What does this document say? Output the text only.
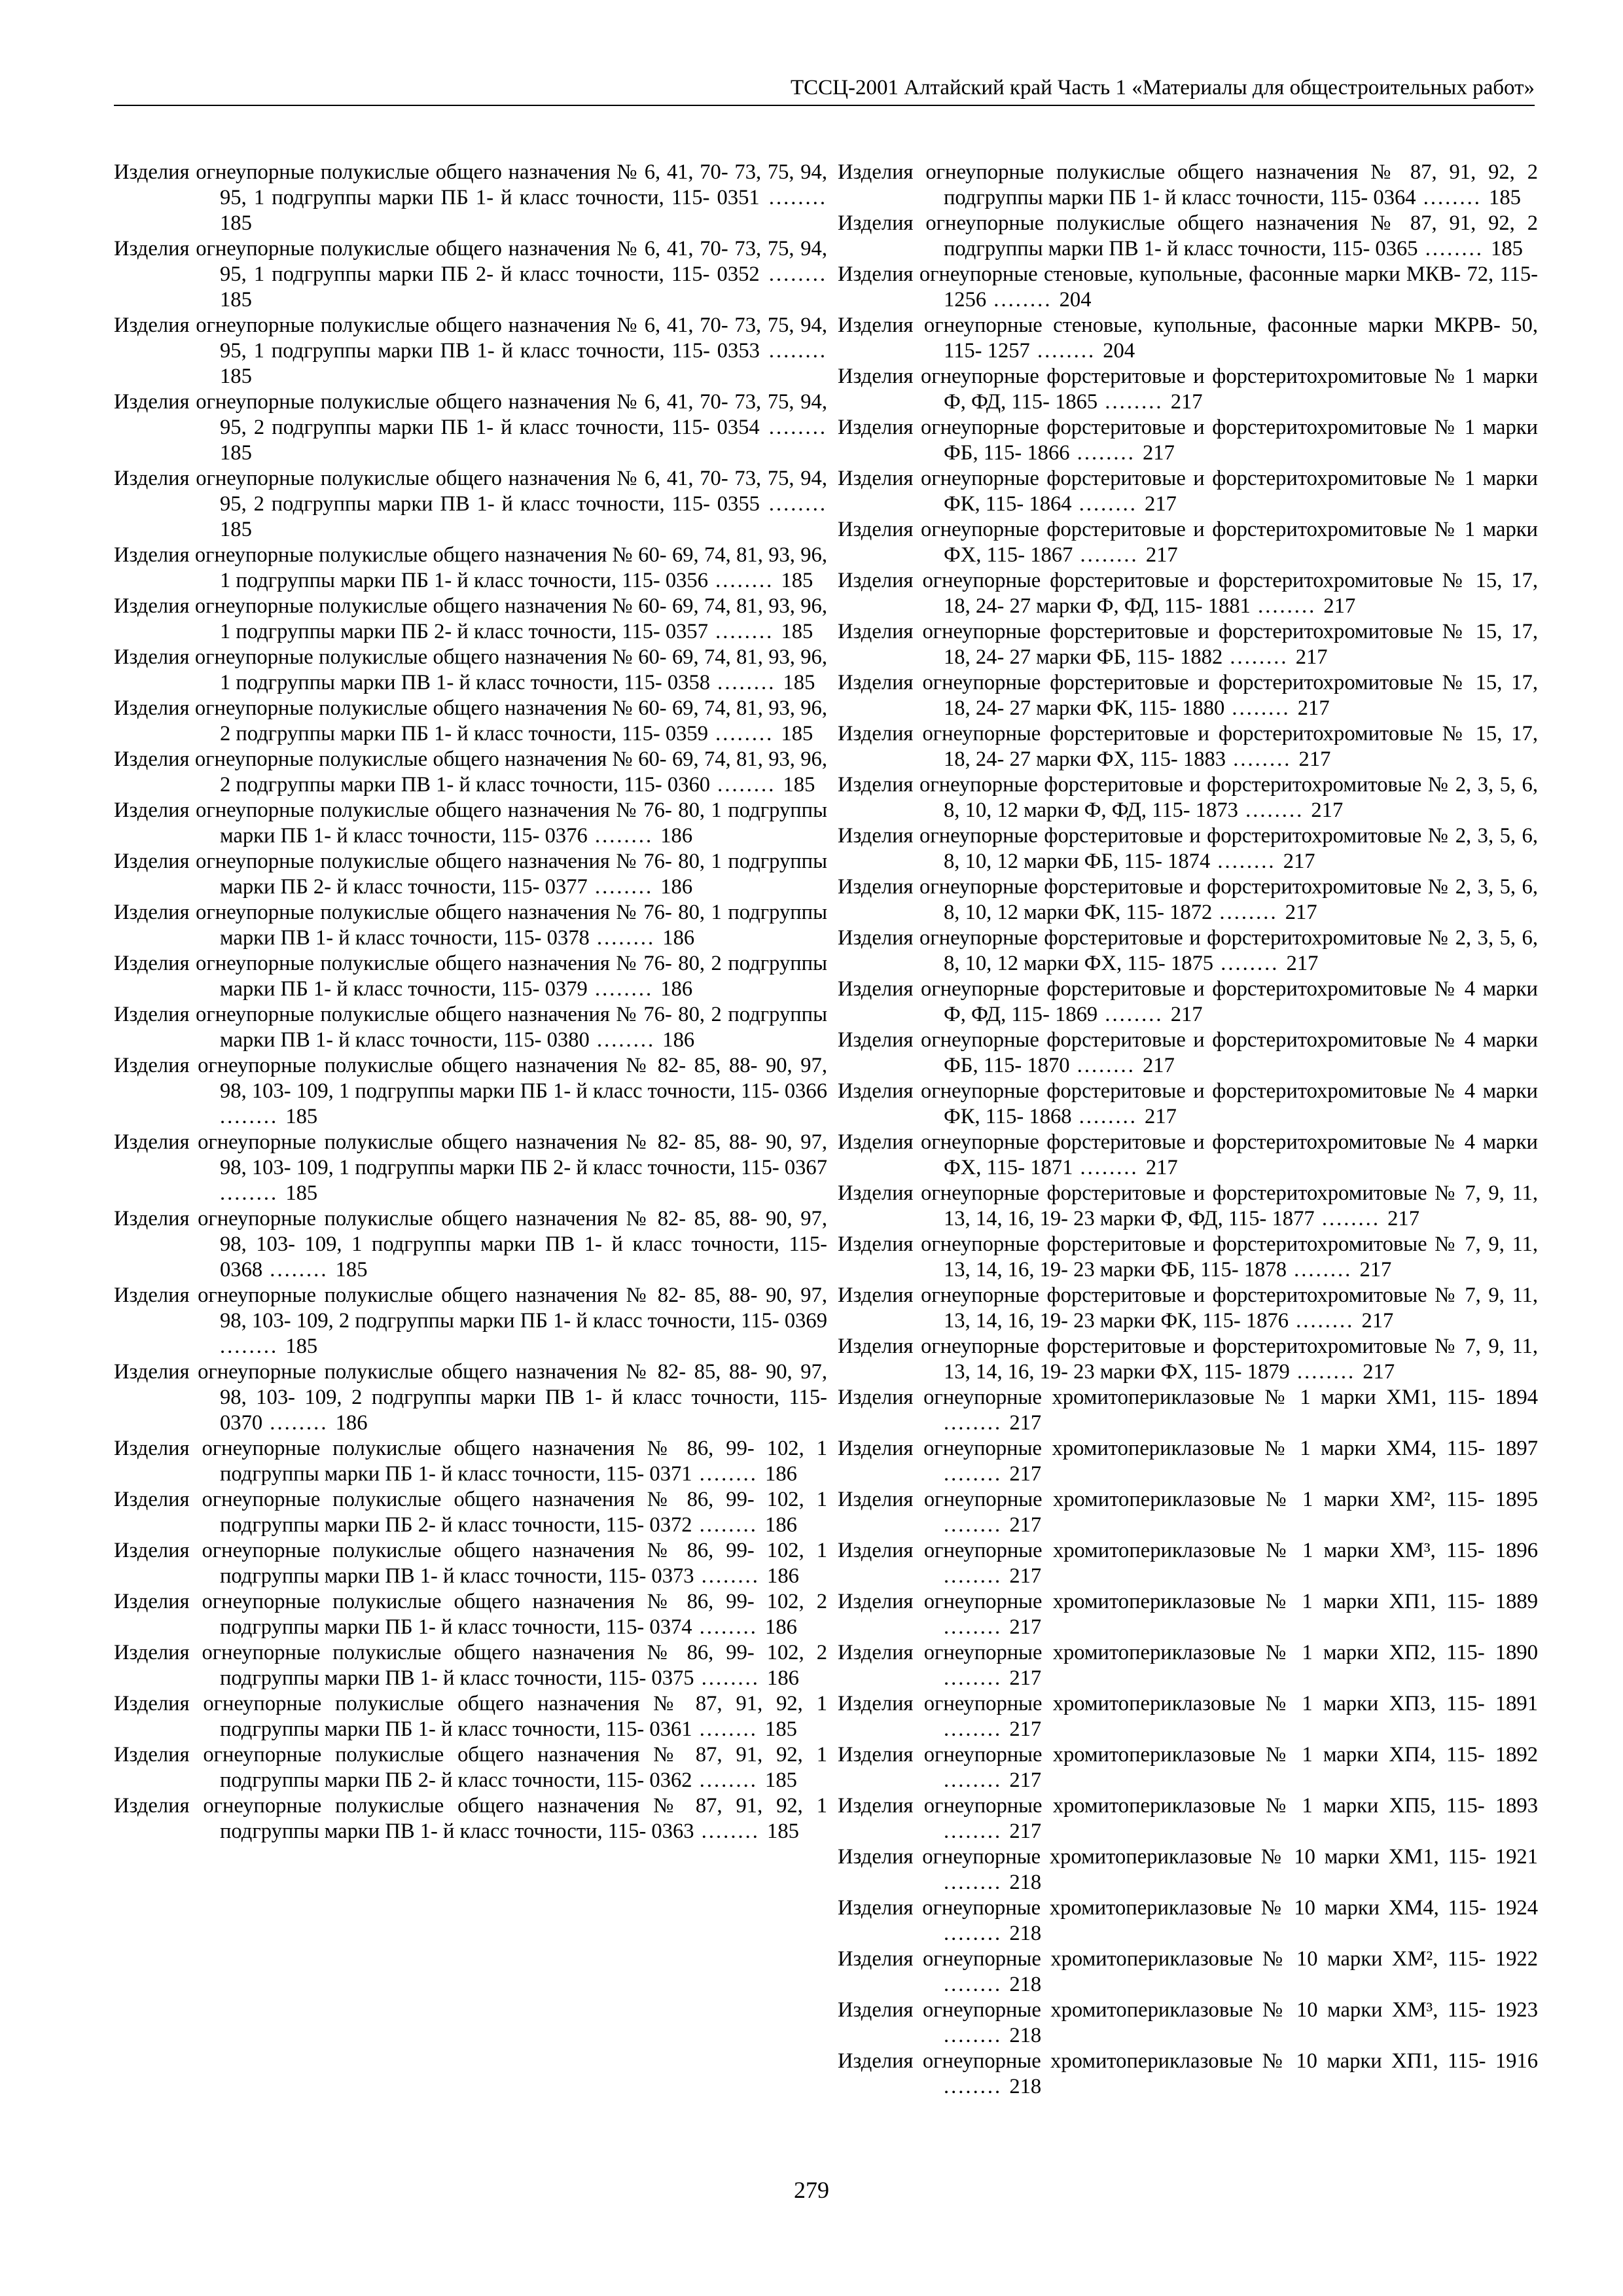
ТССЦ-2001 Алтайский край Часть 1 «Материалы для общестроительных работ»

Изделия огнеупорные полукислые общего назначения № 6, 41, 70- 73, 75, 94, 95, 1 подгруппы марки ПБ 1- й класс точности, 115- 0351 ........ 185

Изделия огнеупорные полукислые общего назначения № 6, 41, 70- 73, 75, 94, 95, 1 подгруппы марки ПБ 2- й класс точности, 115- 0352 ........ 185

Изделия огнеупорные полукислые общего назначения № 6, 41, 70- 73, 75, 94, 95, 1 подгруппы марки ПВ 1- й класс точности, 115- 0353 ........ 185

Изделия огнеупорные полукислые общего назначения № 6, 41, 70- 73, 75, 94, 95, 2 подгруппы марки ПБ 1- й класс точности, 115- 0354 ........ 185

Изделия огнеупорные полукислые общего назначения № 6, 41, 70- 73, 75, 94, 95, 2 подгруппы марки ПВ 1- й класс точности, 115- 0355 ........ 185

Изделия огнеупорные полукислые общего назначения № 60- 69, 74, 81, 93, 96, 1 подгруппы марки ПБ 1- й класс точности, 115- 0356 ........ 185

Изделия огнеупорные полукислые общего назначения № 60- 69, 74, 81, 93, 96, 1 подгруппы марки ПБ 2- й класс точности, 115- 0357 ........ 185

Изделия огнеупорные полукислые общего назначения № 60- 69, 74, 81, 93, 96, 1 подгруппы марки ПВ 1- й класс точности, 115- 0358 ........ 185

Изделия огнеупорные полукислые общего назначения № 60- 69, 74, 81, 93, 96, 2 подгруппы марки ПБ 1- й класс точности, 115- 0359 ........ 185

Изделия огнеупорные полукислые общего назначения № 60- 69, 74, 81, 93, 96, 2 подгруппы марки ПВ 1- й класс точности, 115- 0360 ........ 185

Изделия огнеупорные полукислые общего назначения № 76- 80, 1 подгруппы марки ПБ 1- й класс точности, 115- 0376 ........ 186

Изделия огнеупорные полукислые общего назначения № 76- 80, 1 подгруппы марки ПБ 2- й класс точности, 115- 0377 ........ 186

Изделия огнеупорные полукислые общего назначения № 76- 80, 1 подгруппы марки ПВ 1- й класс точности, 115- 0378 ........ 186

Изделия огнеупорные полукислые общего назначения № 76- 80, 2 подгруппы марки ПБ 1- й класс точности, 115- 0379 ........ 186

Изделия огнеупорные полукислые общего назначения № 76- 80, 2 подгруппы марки ПВ 1- й класс точности, 115- 0380 ........ 186

Изделия огнеупорные полукислые общего назначения № 82- 85, 88- 90, 97, 98, 103- 109, 1 подгруппы марки ПБ 1- й класс точности, 115- 0366 ........ 185

Изделия огнеупорные полукислые общего назначения № 82- 85, 88- 90, 97, 98, 103- 109, 1 подгруппы марки ПБ 2- й класс точности, 115- 0367 ........ 185

Изделия огнеупорные полукислые общего назначения № 82- 85, 88- 90, 97, 98, 103- 109, 1 подгруппы марки ПВ 1- й класс точности, 115- 0368 ........ 185

Изделия огнеупорные полукислые общего назначения № 82- 85, 88- 90, 97, 98, 103- 109, 2 подгруппы марки ПБ 1- й класс точности, 115- 0369 ........ 185

Изделия огнеупорные полукислые общего назначения № 82- 85, 88- 90, 97, 98, 103- 109, 2 подгруппы марки ПВ 1- й класс точности, 115- 0370 ........ 186

Изделия огнеупорные полукислые общего назначения № 86, 99- 102, 1 подгруппы марки ПБ 1- й класс точности, 115- 0371 ........ 186

Изделия огнеупорные полукислые общего назначения № 86, 99- 102, 1 подгруппы марки ПБ 2- й класс точности, 115- 0372 ........ 186

Изделия огнеупорные полукислые общего назначения № 86, 99- 102, 1 подгруппы марки ПВ 1- й класс точности, 115- 0373 ........ 186

Изделия огнеупорные полукислые общего назначения № 86, 99- 102, 2 подгруппы марки ПБ 1- й класс точности, 115- 0374 ........ 186

Изделия огнеупорные полукислые общего назначения № 86, 99- 102, 2 подгруппы марки ПВ 1- й класс точности, 115- 0375 ........ 186

Изделия огнеупорные полукислые общего назначения № 87, 91, 92, 1 подгруппы марки ПБ 1- й класс точности, 115- 0361 ........ 185

Изделия огнеупорные полукислые общего назначения № 87, 91, 92, 1 подгруппы марки ПБ 2- й класс точности, 115- 0362 ........ 185

Изделия огнеупорные полукислые общего назначения № 87, 91, 92, 1 подгруппы марки ПВ 1- й класс точности, 115- 0363 ........ 185

Изделия огнеупорные полукислые общего назначения № 87, 91, 92, 2 подгруппы марки ПБ 1- й класс точности, 115- 0364 ........ 185

Изделия огнеупорные полукислые общего назначения № 87, 91, 92, 2 подгруппы марки ПВ 1- й класс точности, 115- 0365 ........ 185

Изделия огнеупорные стеновые, купольные, фасонные марки МКВ- 72, 115- 1256 ........ 204

Изделия огнеупорные стеновые, купольные, фасонные марки МКРВ- 50, 115- 1257 ........ 204

Изделия огнеупорные форстеритовые и форстеритохромитовые № 1 марки Ф, ФД, 115- 1865 ........ 217

Изделия огнеупорные форстеритовые и форстеритохромитовые № 1 марки ФБ, 115- 1866 ........ 217

Изделия огнеупорные форстеритовые и форстеритохромитовые № 1 марки ФК, 115- 1864 ........ 217

Изделия огнеупорные форстеритовые и форстеритохромитовые № 1 марки ФХ, 115- 1867 ........ 217

Изделия огнеупорные форстеритовые и форстеритохромитовые № 15, 17, 18, 24- 27 марки Ф, ФД, 115- 1881 ........ 217

Изделия огнеупорные форстеритовые и форстеритохромитовые № 15, 17, 18, 24- 27 марки ФБ, 115- 1882 ........ 217

Изделия огнеупорные форстеритовые и форстеритохромитовые № 15, 17, 18, 24- 27 марки ФК, 115- 1880 ........ 217

Изделия огнеупорные форстеритовые и форстеритохромитовые № 15, 17, 18, 24- 27 марки ФХ, 115- 1883 ........ 217

Изделия огнеупорные форстеритовые и форстеритохромитовые № 2, 3, 5, 6, 8, 10, 12 марки Ф, ФД, 115- 1873 ........ 217

Изделия огнеупорные форстеритовые и форстеритохромитовые № 2, 3, 5, 6, 8, 10, 12 марки ФБ, 115- 1874 ........ 217

Изделия огнеупорные форстеритовые и форстеритохромитовые № 2, 3, 5, 6, 8, 10, 12 марки ФК, 115- 1872 ........ 217

Изделия огнеупорные форстеритовые и форстеритохромитовые № 2, 3, 5, 6, 8, 10, 12 марки ФХ, 115- 1875 ........ 217

Изделия огнеупорные форстеритовые и форстеритохромитовые № 4 марки Ф, ФД, 115- 1869 ........ 217

Изделия огнеупорные форстеритовые и форстеритохромитовые № 4 марки ФБ, 115- 1870 ........ 217

Изделия огнеупорные форстеритовые и форстеритохромитовые № 4 марки ФК, 115- 1868 ........ 217

Изделия огнеупорные форстеритовые и форстеритохромитовые № 4 марки ФХ, 115- 1871 ........ 217

Изделия огнеупорные форстеритовые и форстеритохромитовые № 7, 9, 11, 13, 14, 16, 19- 23 марки Ф, ФД, 115- 1877 ........ 217

Изделия огнеупорные форстеритовые и форстеритохромитовые № 7, 9, 11, 13, 14, 16, 19- 23 марки ФБ, 115- 1878 ........ 217

Изделия огнеупорные форстеритовые и форстеритохромитовые № 7, 9, 11, 13, 14, 16, 19- 23 марки ФК, 115- 1876 ........ 217

Изделия огнеупорные форстеритовые и форстеритохромитовые № 7, 9, 11, 13, 14, 16, 19- 23 марки ФХ, 115- 1879 ........ 217

Изделия огнеупорные хромитопериклазовые № 1 марки ХМ1, 115- 1894 ........ 217

Изделия огнеупорные хромитопериклазовые № 1 марки ХМ4, 115- 1897 ........ 217

Изделия огнеупорные хромитопериклазовые № 1 марки ХМ², 115- 1895 ........ 217

Изделия огнеупорные хромитопериклазовые № 1 марки ХМ³, 115- 1896 ........ 217

Изделия огнеупорные хромитопериклазовые № 1 марки ХП1, 115- 1889 ........ 217

Изделия огнеупорные хромитопериклазовые № 1 марки ХП2, 115- 1890 ........ 217

Изделия огнеупорные хромитопериклазовые № 1 марки ХП3, 115- 1891 ........ 217

Изделия огнеупорные хромитопериклазовые № 1 марки ХП4, 115- 1892 ........ 217

Изделия огнеупорные хромитопериклазовые № 1 марки ХП5, 115- 1893 ........ 217

Изделия огнеупорные хромитопериклазовые № 10 марки ХМ1, 115- 1921 ........ 218

Изделия огнеупорные хромитопериклазовые № 10 марки ХМ4, 115- 1924 ........ 218

Изделия огнеупорные хромитопериклазовые № 10 марки ХМ², 115- 1922 ........ 218

Изделия огнеупорные хромитопериклазовые № 10 марки ХМ³, 115- 1923 ........ 218

Изделия огнеупорные хромитопериклазовые № 10 марки ХП1, 115- 1916 ........ 218

279
